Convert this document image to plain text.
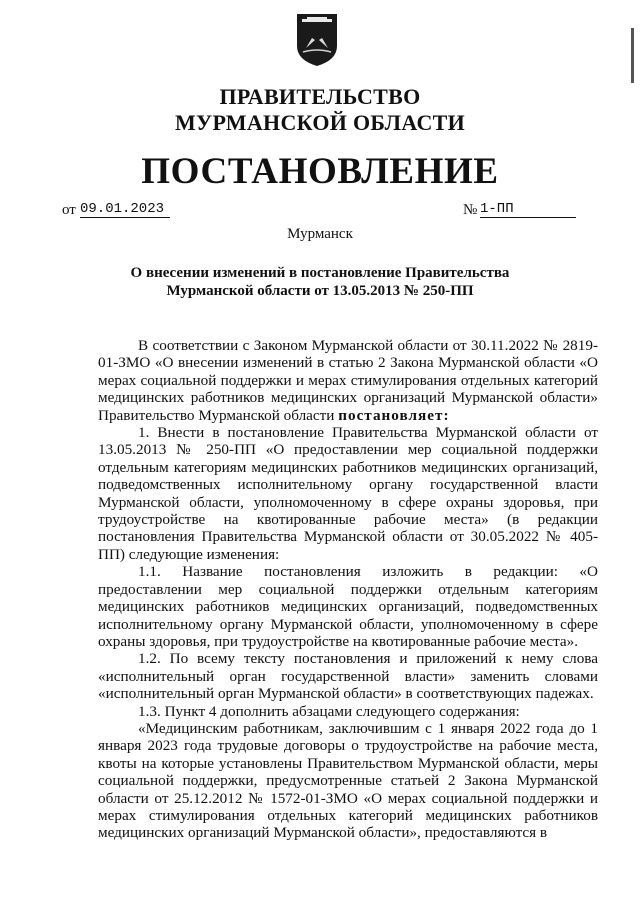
ПРАВИТЕЛЬСТВО
МУРМАНСКОЙ ОБЛАСТИ
ПОСТАНОВЛЕНИЕ
от 09.01.2023	№ 1-ПП
Мурманск
О внесении изменений в постановление Правительства
Мурманской области от 13.05.2013 № 250-ПП

В соответствии с Законом Мурманской области от 30.11.2022 № 2819-01-ЗМО «О внесении изменений в статью 2 Закона Мурманской области «О мерах социальной поддержки и мерах стимулирования отдельных категорий медицинских работников медицинских организаций Мурманской области» Правительство Мурманской области постановляет:

1. Внести в постановление Правительства Мурманской области от 13.05.2013 № 250-ПП «О предоставлении мер социальной поддержки отдельным категориям медицинских работников медицинских организаций, подведомственных исполнительному органу государственной власти Мурманской области, уполномоченному в сфере охраны здоровья, при трудоустройстве на квотированные рабочие места» (в редакции постановления Правительства Мурманской области от 30.05.2022 № 405-ПП) следующие изменения:

1.1. Название постановления изложить в редакции: «О предоставлении мер социальной поддержки отдельным категориям медицинских работников медицинских организаций, подведомственных исполнительному органу Мурманской области, уполномоченному в сфере охраны здоровья, при трудоустройстве на квотированные рабочие места».

1.2. По всему тексту постановления и приложений к нему слова «исполнительный орган государственной власти» заменить словами «исполнительный орган Мурманской области» в соответствующих падежах.

1.3. Пункт 4 дополнить абзацами следующего содержания:

«Медицинским работникам, заключившим с 1 января 2022 года до 1 января 2023 года трудовые договоры о трудоустройстве на рабочие места, квоты на которые установлены Правительством Мурманской области, меры социальной поддержки, предусмотренные статьей 2 Закона Мурманской области от 25.12.2012 № 1572-01-ЗМО «О мерах социальной поддержки и мерах стимулирования отдельных категорий медицинских работников медицинских организаций Мурманской области», предоставляются в
